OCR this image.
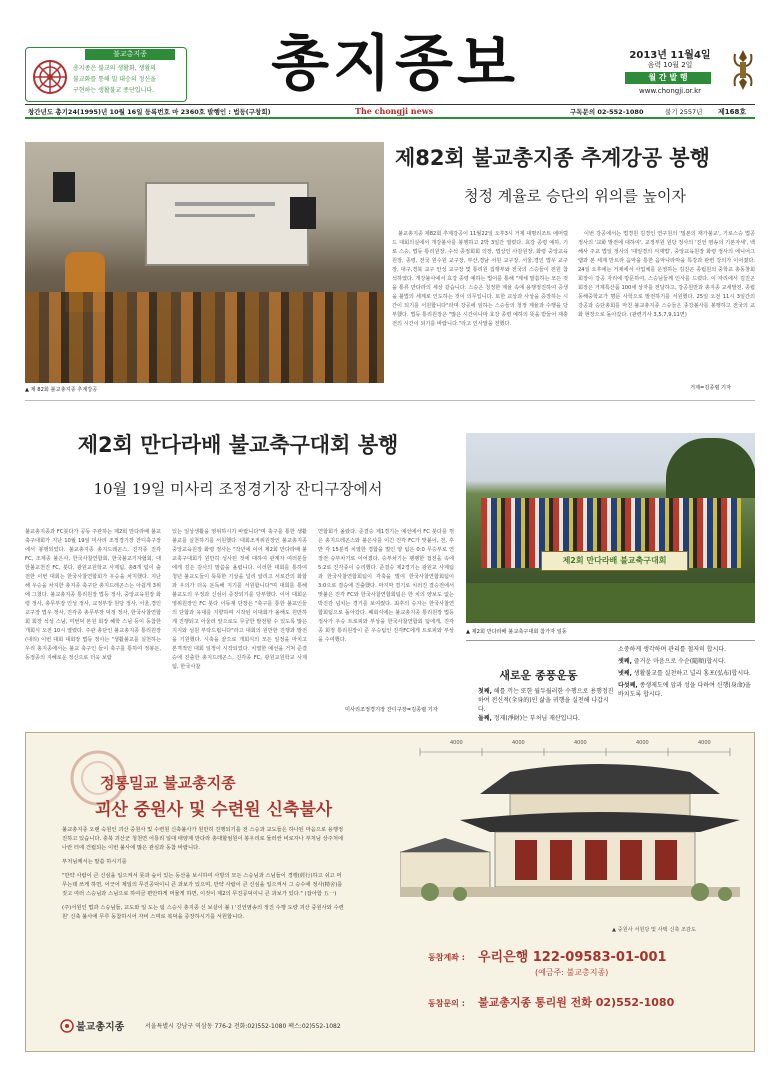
불교총지종
총지종은 불교의 생활화, 생활의
불교화를 통해 밀 대승의 정신을
구현하는 생활불교 종단입니다.	총지종보	2013년 11월4일
음력 10월 2일
월 간 발 행
www.chongji.or.kr
창간년도 총기24(1995)년 10월 16일 등록번호 마 2360호 발행인 : 법등(구창회)	The chongji news	구독문의 02-552-1080	불기 2557년 제168호
▲ 제 82회 불교총지종 추계강공
제82회 불교총지종 추계강공 봉행
청정 계율로 승단의 위의를 높이자
불교총지종 제82회 추계강공이 11월22일 오후3시 거제 대명리조트 에머럴드 대회의실에서 개강불사를 봉행하고 2박 3일간 열렸다. 효강 종령 예하, 기로 스승, 법등 통리원장, 수석 종정회회 의장, 법상인 사감원장, 화령 중앙교육원장, 종령, 전국 원수원 교구장, 부산,경남 서원 교구장, 서울,경인 법우 교구장, 대구,경북 교구 안성 교구장 및 통리원 집행부와 전국의 스승들이 전원 참석하였다. 개강불사에서 효강 종령 예하는 법어를 통해 "계체 말씀하는 모든 것을 통류 만다라의 세상 같습니다. 스승은 청정한 계율 속에 용행정진하여 증생을 불법의 세계로 인도하는 것이 의무입니다. 또한 교상과 사상을 증장하는 시간이 되기를 서원합니다"라며 강공에 임하는 스승들의 청정 계율과 수행을 당부했다. 법등 통리원장은 "많은 시간이나마 효강 종령 예하의 뜻을 받들어 재충전의 시간이 되기를 바랍니다."라고 인사말을 전했다.
이번 강공에서는 법경원 김경인 연구원의 '밀본의 재가불교', 기로스승 법공 정사의 '교화 발전에 대하여', 교정부원 원당 정사의 '진언 염송의 기본자세', 백해사 주교 법일 정사의 '대일경의 식재법', 중앙교육원장 화령 정사의 에니어그램과 본 세계 만트라 음악을 통한 음악나라마을 특강과 관련 강의가 이어졌다. 24일 오후에는 거제에서 사업체를 운영하는 김진곤 종립원의 중학교 총동창회 회장이 강공 자리에 방문하여, 스승님들께 인사를 드렸다. 이 자리에서 김진곤 회장은 거제특산품 100세 상자를 전달하고, 강공원만과 총지종 교세발전, 종립 동해중학교가 명문 사학으로 발전하기를 서원했다. 25일 오전 11시 3일간의 강공과 승단총회를 마친 불교총지종 스승들은 종강불사를 봉행하고 전국의 교화 현장으로 돌아갔다. (관련기사 3,5,7,9,11면)
거제=김종렬 기자
제2회 만다라배 불교축구대회 봉행
10월 19일 미사리 조정경기장 잔디구장에서
제2회 만다라배 불교축구대회
▲ 제2회 만다라배 불교축구대회 참가자 일동
불교총지종과 FC붓다가 공동 주관하는 제2회 만다라배 불교축구대회가 지난 10월 19일 미사리 조정경기장 잔디축구장에서 봉행되었다. 불교총지종 총지드레곤스, 진각종 진각 FC, 조계종 불은사, 한국사찰연합회, 한국불교기자협회, 대한불교천진 FC, 붓다, 광원교원학교 사제팀, 총8개 팀이 출전한 이번 대회는 한국사찰연합회가 우승을 차지했다. 지난 해 우승을 차지한 총지종 축구단 총지드레곤스는 아쉽게 3위에 그쳤다. 불교총지종 통리원장 법등 정사, 중앙교육원장 화령 정사, 총무부장 인성 정사, 교정부장 원당 정사, 서울,경인 교구장 법우 정사, 진각종 총무부장 덕정 정사, 한국사찰연합회 회장 석성 스님, 미번덕 본원 회장 혜학 스님 등이 동참한 개회식 오전 10시 열렸다. 주관 총단인 불교총지종 통리원장(대리) 이번 대회 대회장 법등 정사는 "생활불교를 실천하는 우리 총지종에서는 불교 축구인 들이 축구를 통하여 정봉돈, 동정종의 지혜로운 정신으로 더욱 보람
있는 일상생활을 영위하시기 바랍니다"며 축구를 통한 생활불교를 실천하기를 서원했다. 대회조직위원장인 불교총지종 중앙교육원장 화령 정사는 "작년에 이어 제2회 만다라배 불교축구대회가 원만히 성사된 것에 대하여 관계자 여러분들에게 깊은 감사의 말씀을 올립니다. 이러한 대회를 통하여 청년 불교도들이 뚝뚝한 기상을 널리 알리고 서로간의 화합과 우의가 더욱 돈독해 지기를 서원합니다"며 대회를 통해 불교도의 우정과 신심이 증장되기를 당부했다. 이어 대회운영위원장인 FC 붓다 이동재 단장은 "축구를 통한 불교인들의 단합과 유대를 지향하며 시작된 이대회가 올해도 원만하게 진행되고 아울러 앞으로도 무궁한 발전할 수 있도록 많은 지지와 성원 부탁드립니다"라고 대회의 원만한 진행과 발전을 기원했다. 시축을 끝으로 개회식의 모든 일정을 마치고 본격적인 대회 일정이 시작되었다. 치열한 예선을 거쳐 준결승에 진출한 총지드레곤스, 진각종 FC, 광원교원학교 사제팀, 한국사찰
연합회가 올랐다. 준결승 제1경기는 예선에서 FC 붓다를 꺾은 총지드레곤스와 불은사를 이긴 진각 FC가 맞붙어, 전, 후반 각 15분씩 치열한 경합을 벌인 양 팀은 0:0 무승부로 연장전 승부차기로 이어졌다. 승부차기는 팽팽한 접전을 속에 5:2로 진각종이 승리했다. 준결승 제2경기는 광원교 사제팀과 한국사찰연합회팀이 각축을 벌여 한국사찰연합회팀이 3:0으로 결승에 진출했다. 마지막 결기로 치러진 결승전에서 맞붙은 진각 FC와 한국사찰연합회팀은 한 치의 양보도 없는 박진감 넘치는 경기를 보여줬다. 최후의 승자는 한국사찰연합회팀으로 돌아갔다. 폐회식에는 불교총지종 통리원장 법등 정사가 우승 트로피와 부상을 한국사찰연합회 팀에게, 진각종 회정 통리원장이 준 우승팀인 진각FC에게 트로피와 부상을 수여했다.
미사리조정경기장 잔디구장=김종렬 기자
새로운 종풍운동
첫째, 해를 끼는 또한 월두월러한 수행으로 용행정진하여 전신적(全身的)인 삶을 귀행을 실천해 나갑시다.
둘째, 정재(淨財)는 부처님 재산입니다.
소중하게 생각하며 관리를 철저히 합시다.
셋째, 즐거운 마음으로 수순(隨順)합시다.
넷째, 생활불교를 실천하고 널리 홍포(弘布)합시다.
다섯째, 종생제도에 앞과 성을 다하여 신행(身命)을 바치도록 합시다.
정통밀교 불교총지종
괴산 중원사 및 수련원 신축불사
불교총지종 오랜 숙원인 괴산 중원사 및 수련원 신축불사가 원만히 진행되기를 전 스승과 교도들은 하나된 마음으로 용행정진하고 있습니다. 충북 괴산군 청천면 어룡리 일대 태양계 만다라 총대할엄원이 봉우리로 둘러싼 비로자나 부처님 상주처에 나란 터에 건립되는 이번 불사에 많은 관심과 동참 바랍니다.
부처님께서는 말씀 하시기를
"만약 사람이 큰 신심을 일으켜서 못과 숲이 있는 동산을 보시하여 사방의 모든 스승님과 스님들이 경행(經行)하고 쉬고 머무는데 쓰게 하면, 어긋어 제일의 무진공덕이니 큰 과보가 있으며, 만약 사람이 큰 신심을 일으켜서 그 승수에 정사(精舍)를 짓고 여러 스승님과 스님으로 하여금 편안하게 머물게 하면, 이것이 제2의 무진공덕이니 큰 과보가 있다." (잡아함 五一)
(주)서원인 법과 스승님들, 교도와 일 도는 팀 스승시 총지종 신 보살이 불 ) '진언염송의 정진 수행 도량 괴산 중원사와 수련원' 신축 불사에 무루 동참하시어 자비 스며로 복덕을 증장하시기를 서원합니다.
불교총지종	서울특별시 강남구 역삼동 776-2 전화:02)552-1080 팩스:02)552-1082
4000	4000	4000	4000	4000
▲ 중원사 서원당 및 사택 신축 조감도
동참계좌 : 우리은행 122-09583-01-001
(예금주: 불교총지종)
동참문의 : 불교총지종 통리원 전화 02)552-1080
